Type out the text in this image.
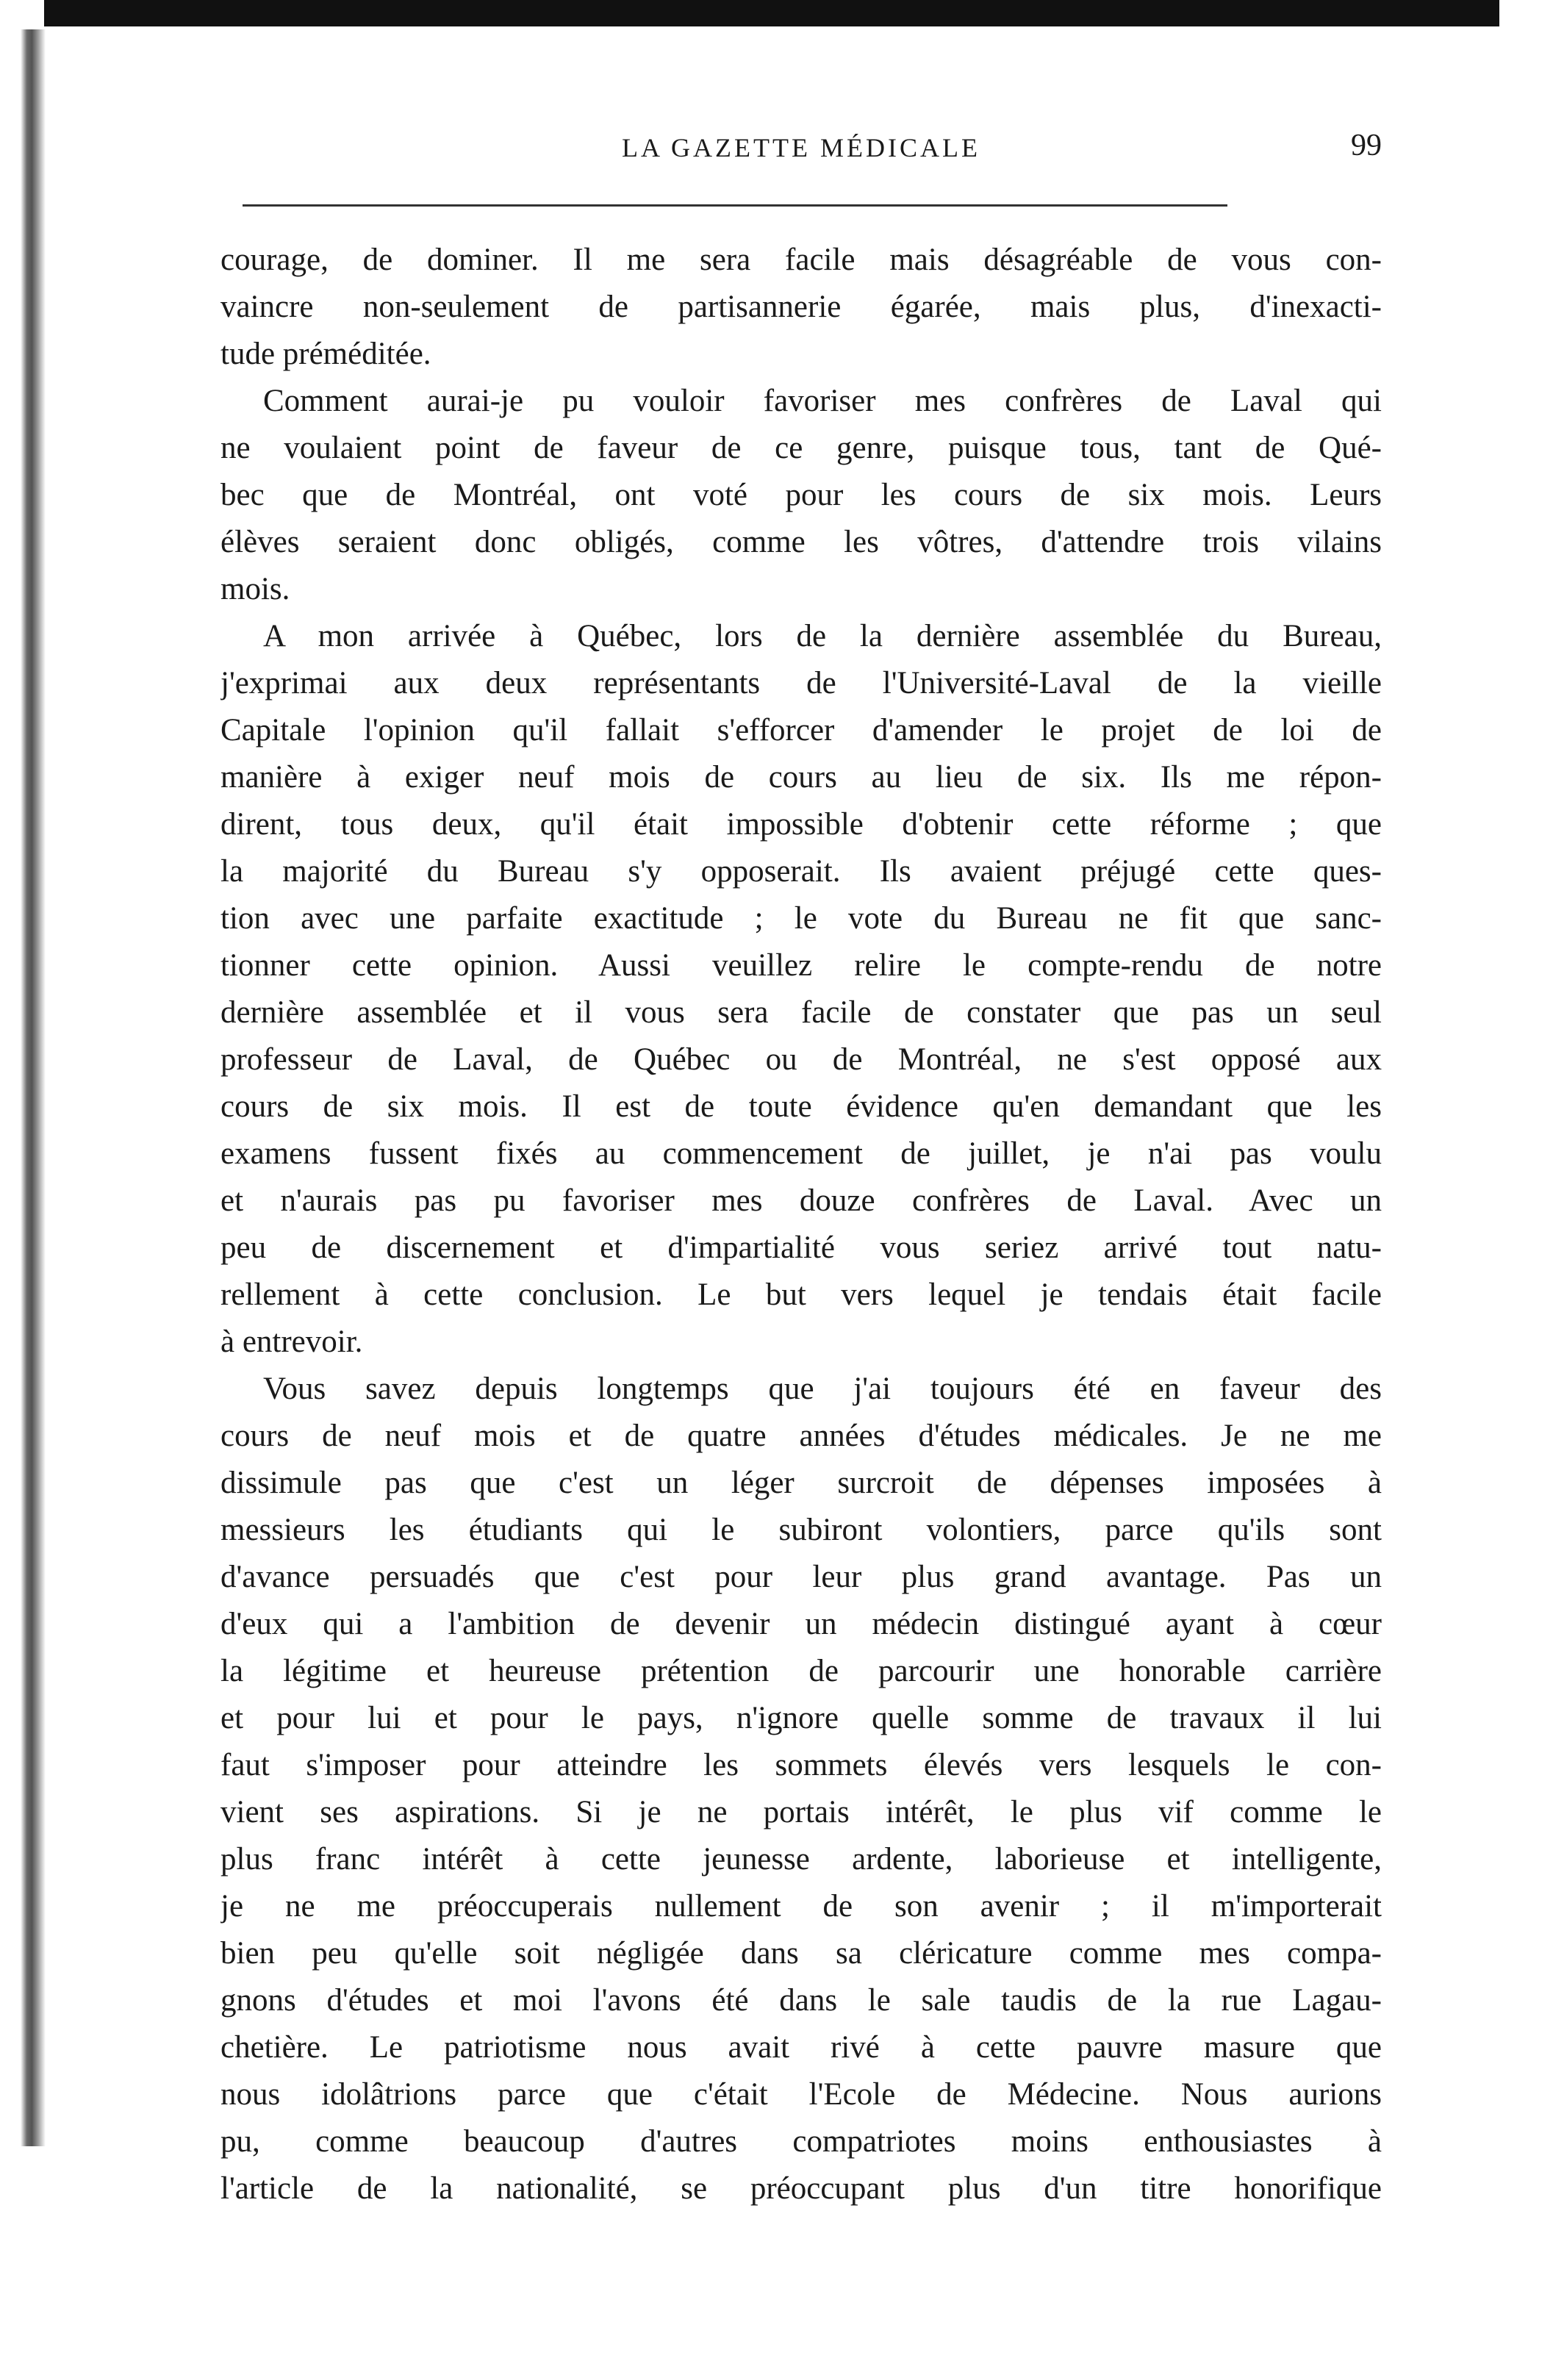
LA GAZETTE MÉDICALE	99
courage, de dominer. Il me sera facile mais désagréable de vous con-
vaincre non-seulement de partisannerie égarée, mais plus, d'inexacti-
tude préméditée.
Comment aurai-je pu vouloir favoriser mes confrères de Laval qui
ne voulaient point de faveur de ce genre, puisque tous, tant de Qué-
bec que de Montréal, ont voté pour les cours de six mois. Leurs
élèves seraient donc obligés, comme les vôtres, d'attendre trois vilains
mois.
A mon arrivée à Québec, lors de la dernière assemblée du Bureau,
j'exprimai aux deux représentants de l'Université-Laval de la vieille
Capitale l'opinion qu'il fallait s'efforcer d'amender le projet de loi de
manière à exiger neuf mois de cours au lieu de six. Ils me répon-
dirent, tous deux, qu'il était impossible d'obtenir cette réforme ; que
la majorité du Bureau s'y opposerait. Ils avaient préjugé cette ques-
tion avec une parfaite exactitude ; le vote du Bureau ne fit que sanc-
tionner cette opinion. Aussi veuillez relire le compte-rendu de notre
dernière assemblée et il vous sera facile de constater que pas un seul
professeur de Laval, de Québec ou de Montréal, ne s'est opposé aux
cours de six mois. Il est de toute évidence qu'en demandant que les
examens fussent fixés au commencement de juillet, je n'ai pas voulu
et n'aurais pas pu favoriser mes douze confrères de Laval. Avec un
peu de discernement et d'impartialité vous seriez arrivé tout natu-
rellement à cette conclusion. Le but vers lequel je tendais était facile
à entrevoir.
Vous savez depuis longtemps que j'ai toujours été en faveur des
cours de neuf mois et de quatre années d'études médicales. Je ne me
dissimule pas que c'est un léger surcroit de dépenses imposées à
messieurs les étudiants qui le subiront volontiers, parce qu'ils sont
d'avance persuadés que c'est pour leur plus grand avantage. Pas un
d'eux qui a l'ambition de devenir un médecin distingué ayant à cœur
la légitime et heureuse prétention de parcourir une honorable carrière
et pour lui et pour le pays, n'ignore quelle somme de travaux il lui
faut s'imposer pour atteindre les sommets élevés vers lesquels le con-
vient ses aspirations. Si je ne portais intérêt, le plus vif comme le
plus franc intérêt à cette jeunesse ardente, laborieuse et intelligente,
je ne me préoccuperais nullement de son avenir ; il m'importerait
bien peu qu'elle soit négligée dans sa cléricature comme mes compa-
gnons d'études et moi l'avons été dans le sale taudis de la rue Lagau-
chetière. Le patriotisme nous avait rivé à cette pauvre masure que
nous idolâtrions parce que c'était l'Ecole de Médecine. Nous aurions
pu, comme beaucoup d'autres compatriotes moins enthousiastes à
l'article de la nationalité, se préoccupant plus d'un titre honorifique
